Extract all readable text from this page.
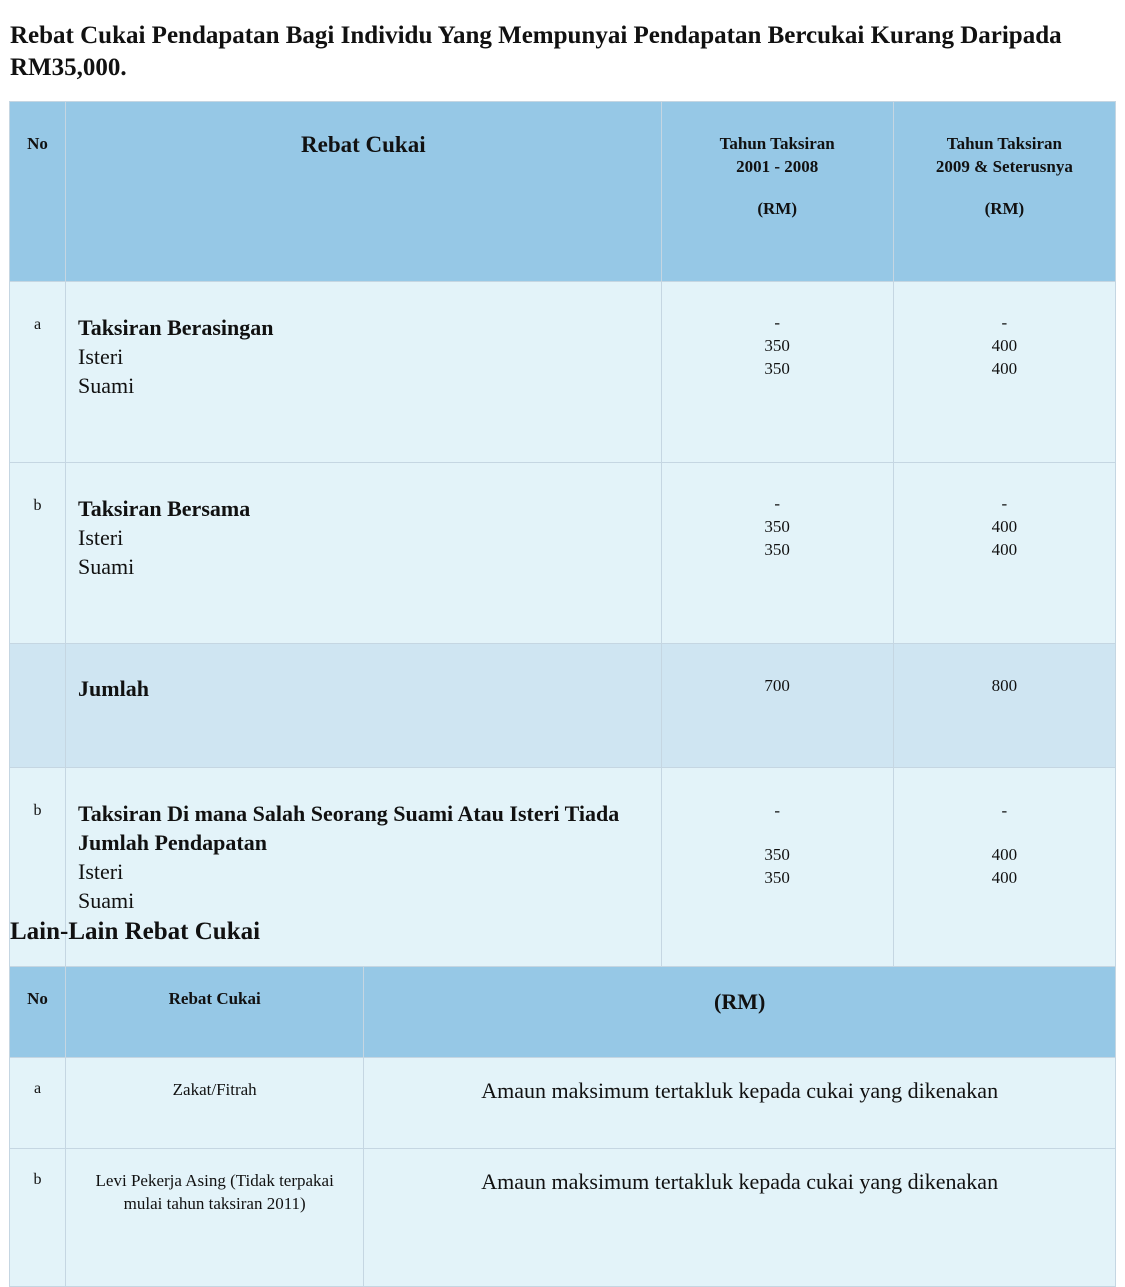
Rebat Cukai Pendapatan Bagi Individu Yang Mempunyai Pendapatan Bercukai Kurang Daripada RM35,000.
No	Rebat Cukai	Tahun Taksiran
2001 - 2008
(RM)	Tahun Taksiran
2009 & Seterusnya
(RM)

a	Taksiran Berasingan
Isteri
Suami	-
350
350	-
400
400

b	Taksiran Bersama
Isteri
Suami	-
350
350	-
400
400

	Jumlah	700	800

b	Taksiran Di mana Salah Seorang Suami Atau Isteri Tiada Jumlah Pendapatan
Isteri
Suami	-
350
350	-
400
400

Lain-Lain Rebat Cukai
No	Rebat Cukai	(RM)
a	Zakat/Fitrah	Amaun maksimum tertakluk kepada cukai yang dikenakan
b	Levi Pekerja Asing (Tidak terpakai mulai tahun taksiran 2011)	Amaun maksimum tertakluk kepada cukai yang dikenakan
